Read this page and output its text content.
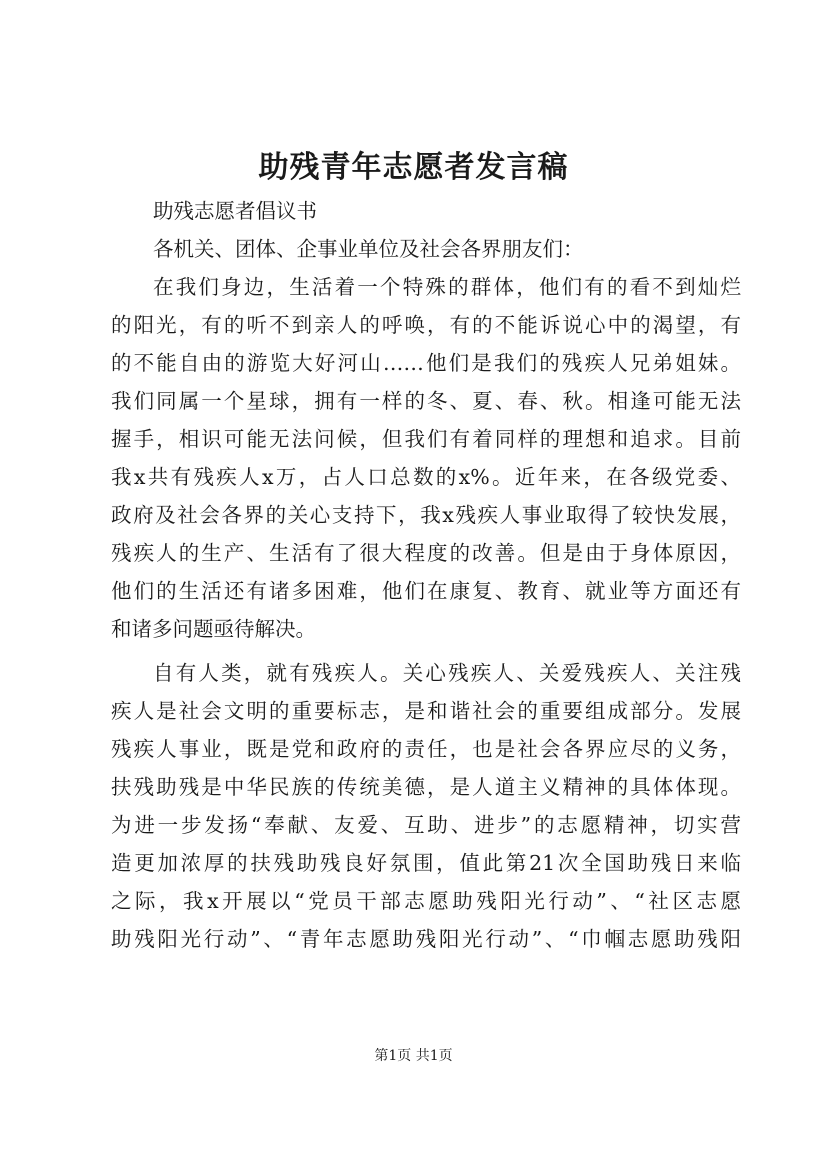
助残青年志愿者发言稿
助残志愿者倡议书
各机关、团体、企事业单位及社会各界朋友们：
在我们身边，生活着一个特殊的群体，他们有的看不到灿烂
的阳光，有的听不到亲人的呼唤，有的不能诉说心中的渴望，有
的不能自由的游览大好河山……他们是我们的残疾人兄弟姐妹。
我们同属一个星球，拥有一样的冬、夏、春、秋。相逢可能无法
握手，相识可能无法问候，但我们有着同样的理想和追求。目前
我x共有残疾人x万，占人口总数的x%。近年来，在各级党委、
政府及社会各界的关心支持下，我x残疾人事业取得了较快发展，
残疾人的生产、生活有了很大程度的改善。但是由于身体原因，
他们的生活还有诸多困难，他们在康复、教育、就业等方面还有
和诸多问题亟待解决。
自有人类，就有残疾人。关心残疾人、关爱残疾人、关注残
疾人是社会文明的重要标志，是和谐社会的重要组成部分。发展
残疾人事业，既是党和政府的责任，也是社会各界应尽的义务，
扶残助残是中华民族的传统美德，是人道主义精神的具体体现。
为进一步发扬“奉献、友爱、互助、进步”的志愿精神，切实营
造更加浓厚的扶残助残良好氛围，值此第21次全国助残日来临
之际，我x开展以“党员干部志愿助残阳光行动”、“社区志愿
助残阳光行动”、“青年志愿助残阳光行动”、“巾帼志愿助残阳
第1页 共1页
